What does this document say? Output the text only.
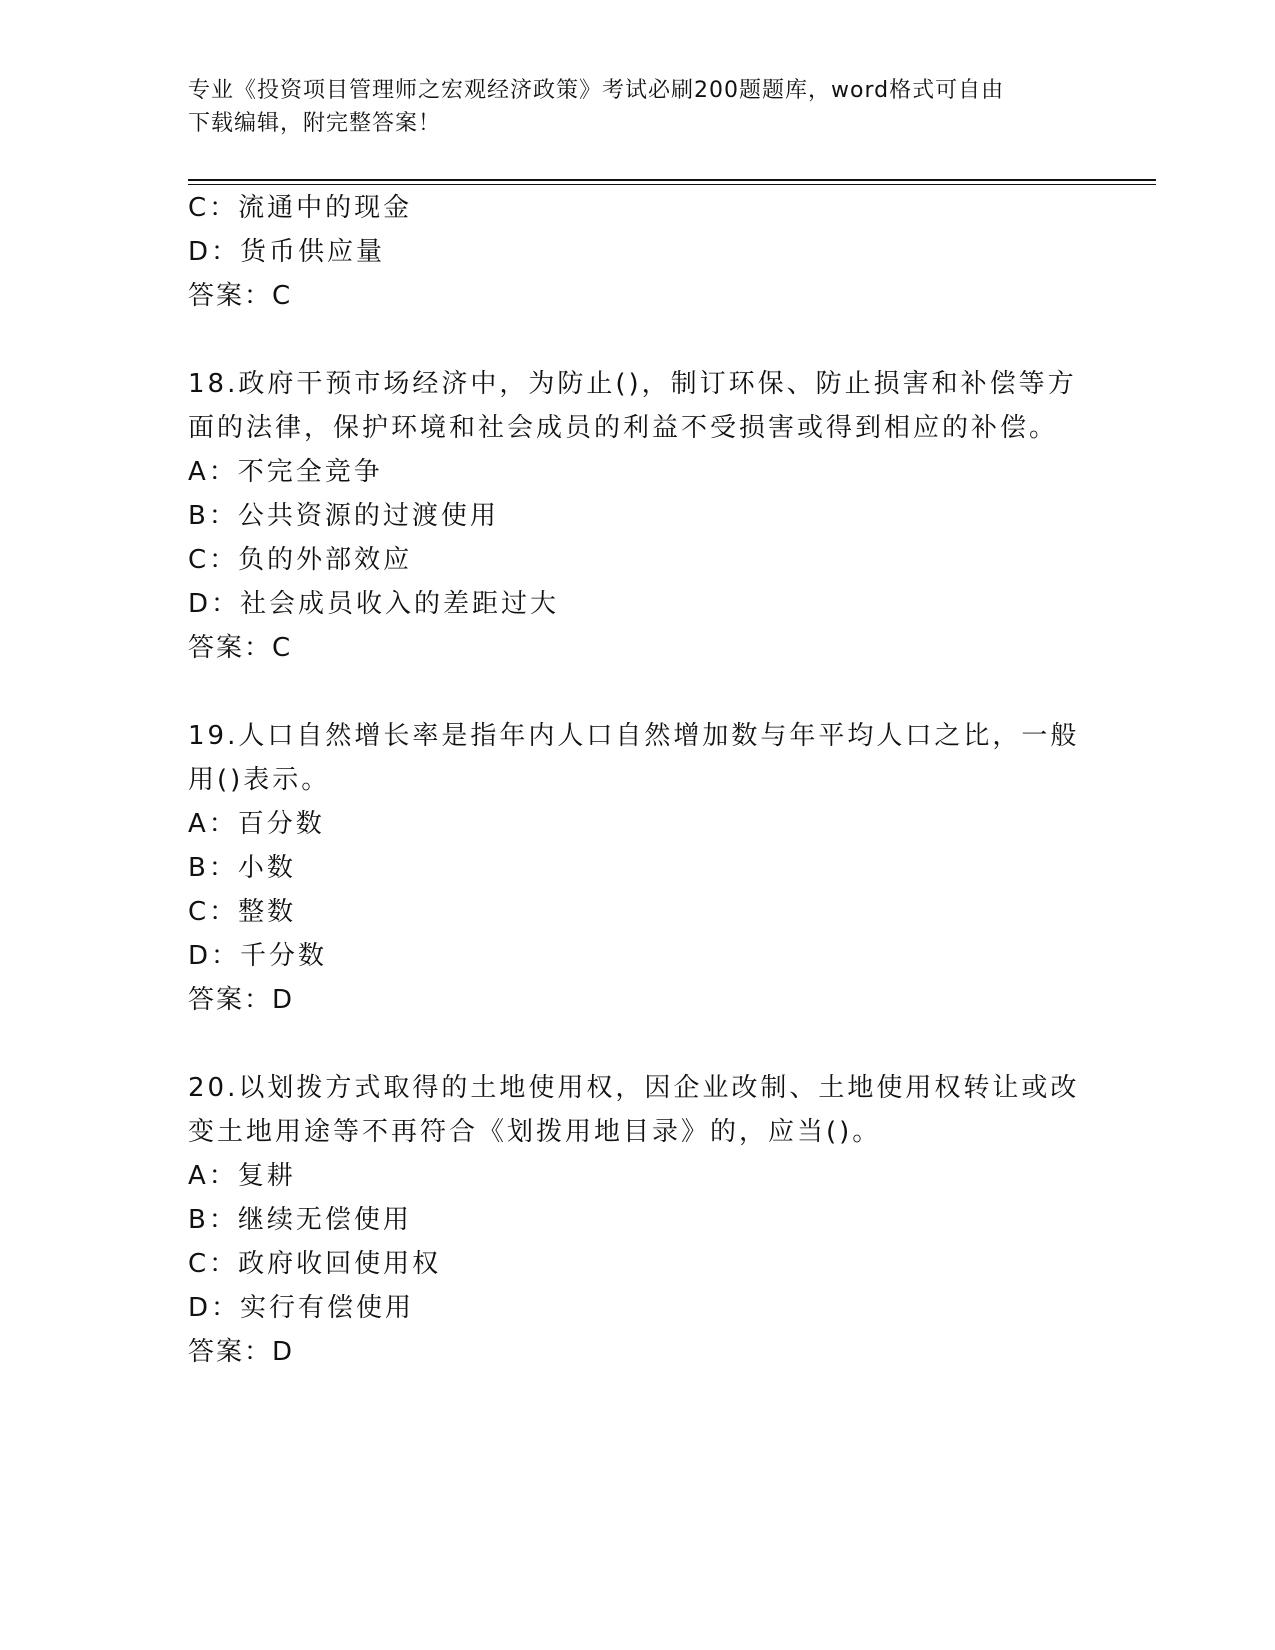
专业《投资项目管理师之宏观经济政策》考试必刷200题题库，word格式可自由
下载编辑，附完整答案！
C：流通中的现金
D：货币供应量
答案：C
18.政府干预市场经济中，为防止()，制订环保、防止损害和补偿等方
面的法律，保护环境和社会成员的利益不受损害或得到相应的补偿。
A：不完全竞争
B：公共资源的过渡使用
C：负的外部效应
D：社会成员收入的差距过大
答案：C
19.人口自然增长率是指年内人口自然增加数与年平均人口之比，一般
用()表示。
A：百分数
B：小数
C：整数
D：千分数
答案：D
20.以划拨方式取得的土地使用权，因企业改制、土地使用权转让或改
变土地用途等不再符合《划拨用地目录》的，应当()。
A：复耕
B：继续无偿使用
C：政府收回使用权
D：实行有偿使用
答案：D
